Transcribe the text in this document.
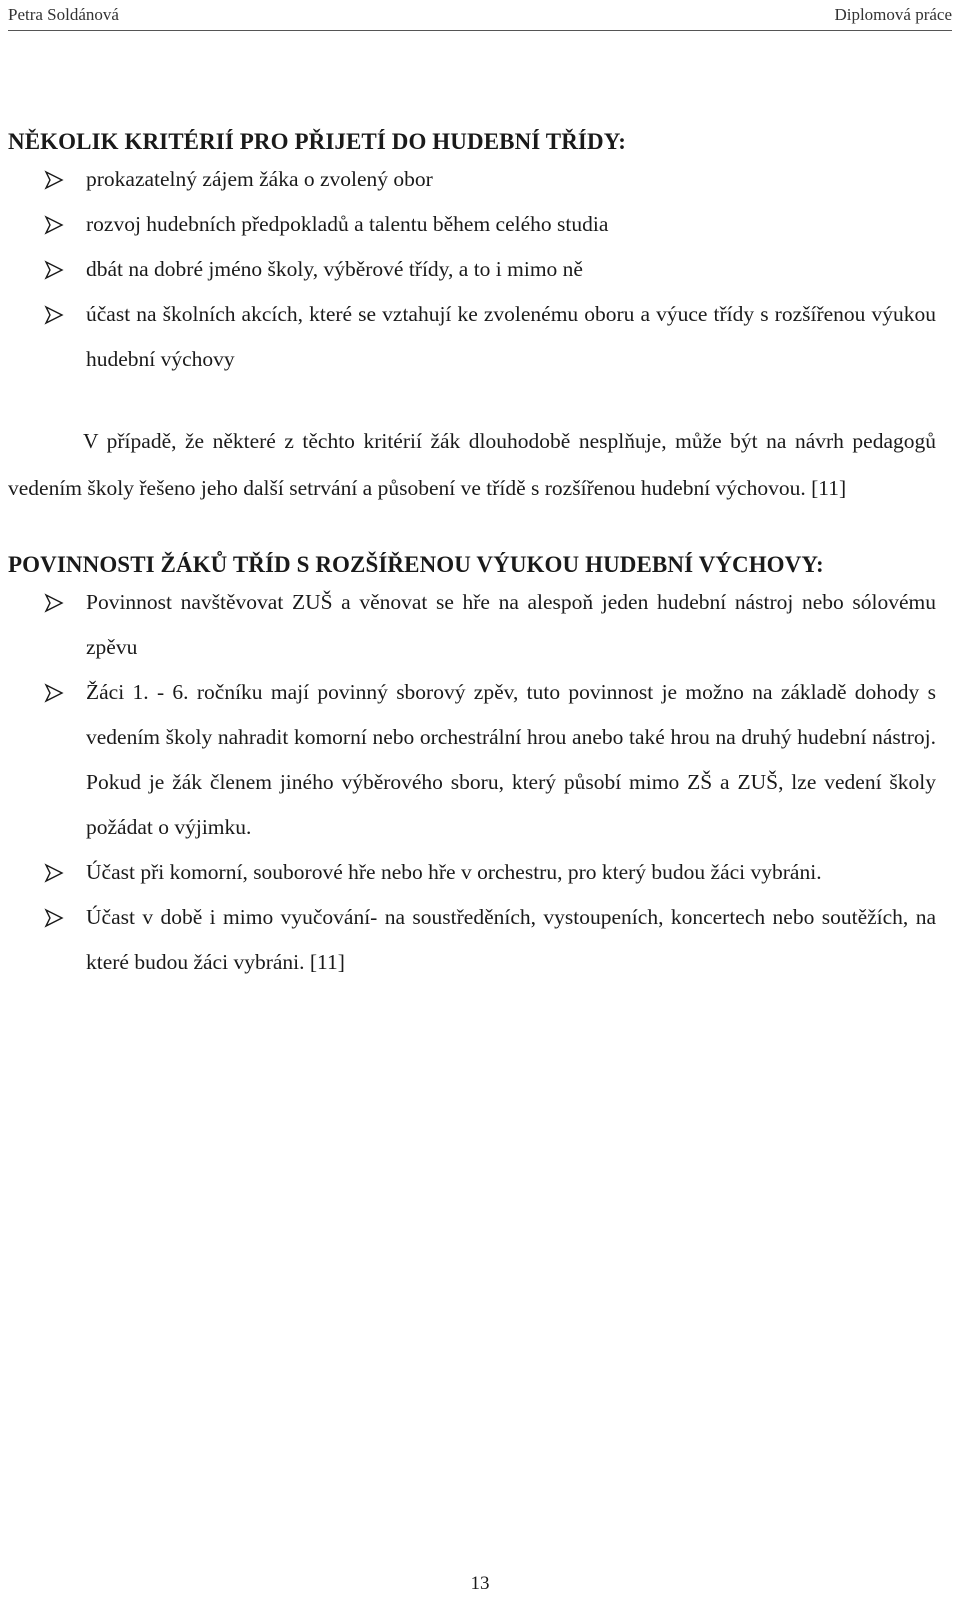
Petra Soldánová	Diplomová práce
NĚKOLIK KRITÉRIÍ PRO PŘIJETÍ DO HUDEBNÍ TŘÍDY:
prokazatelný zájem žáka o zvolený obor
rozvoj hudebních předpokladů a talentu během celého studia
dbát na dobré jméno školy, výběrové třídy, a to i mimo ně
účast na školních akcích, které se vztahují ke zvolenému oboru a výuce třídy s rozšířenou výukou hudební výchovy

V případě, že některé z těchto kritérií žák dlouhodobě nesplňuje, může být na návrh pedagogů vedením školy řešeno jeho další setrvání a působení ve třídě s rozšířenou hudební výchovou. [11]

POVINNOSTI ŽÁKŮ TŘÍD S ROZŠÍŘENOU VÝUKOU HUDEBNÍ VÝCHOVY:
Povinnost navštěvovat ZUŠ a věnovat se hře na alespoň jeden hudební nástroj nebo sólovému zpěvu
Žáci 1. - 6. ročníku mají povinný sborový zpěv, tuto povinnost je možno na základě dohody s vedením školy nahradit komorní nebo orchestrální hrou anebo také hrou na druhý hudební nástroj. Pokud je žák členem jiného výběrového sboru, který působí mimo ZŠ a ZUŠ, lze vedení školy požádat o výjimku.
Účast při komorní, souborové hře nebo hře v orchestru, pro který budou žáci vybráni.
Účast v době i mimo vyučování- na soustředěních, vystoupeních, koncertech nebo soutěžích, na které budou žáci vybráni. [11]
13
